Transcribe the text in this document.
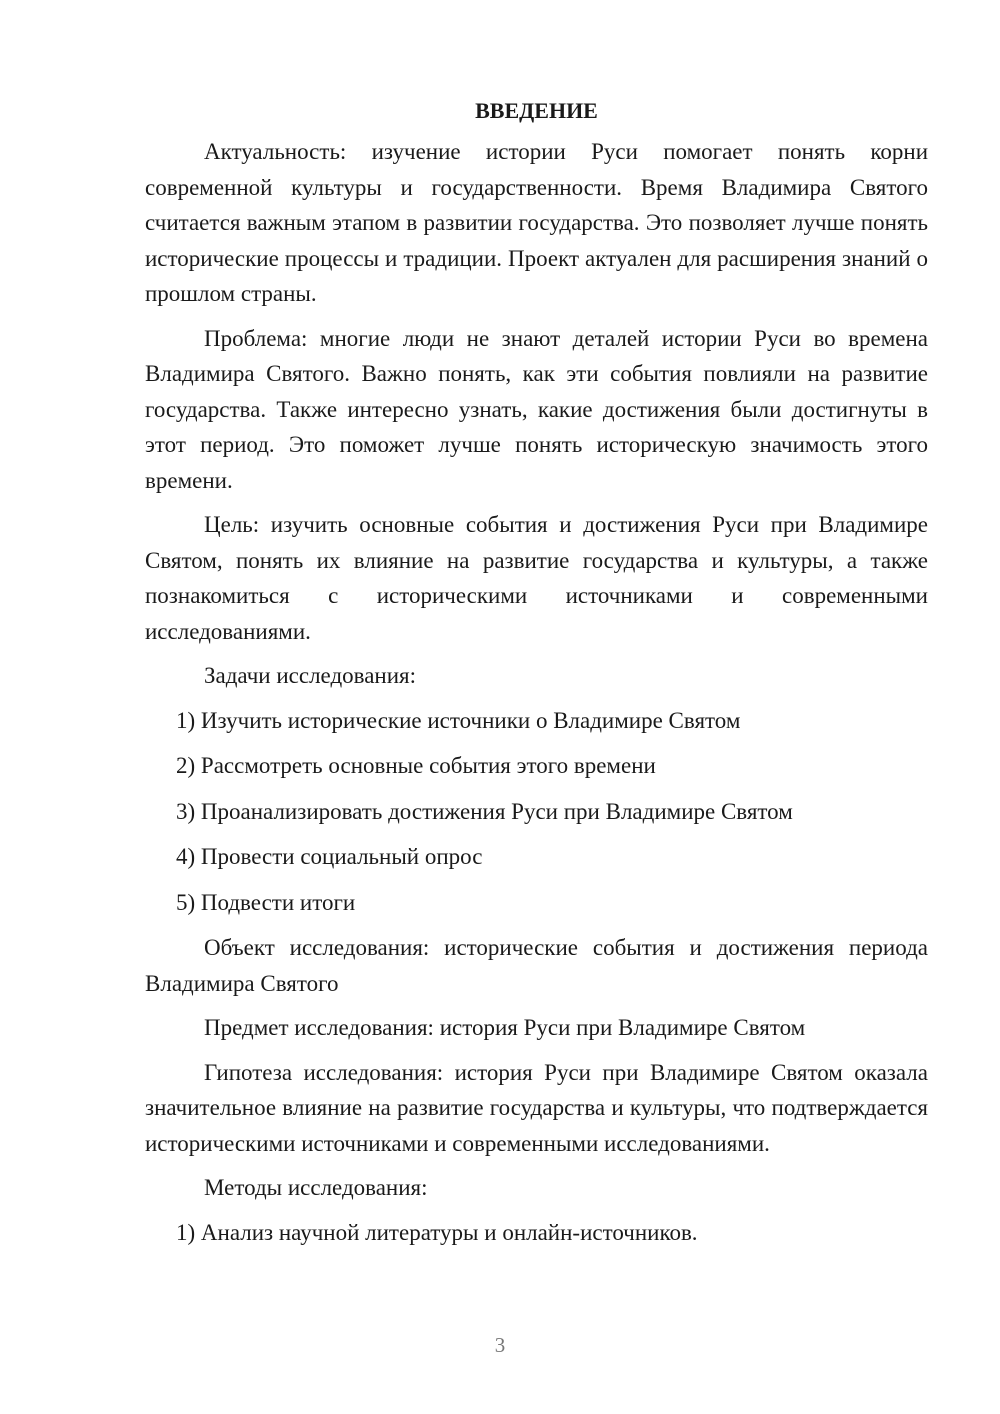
ВВЕДЕНИЕ
Актуальность: изучение истории Руси помогает понять корни современной культуры и государственности. Время Владимира Святого считается важным этапом в развитии государства. Это позволяет лучше понять исторические процессы и традиции. Проект актуален для расширения знаний о прошлом страны.
Проблема: многие люди не знают деталей истории Руси во времена Владимира Святого. Важно понять, как эти события повлияли на развитие государства. Также интересно узнать, какие достижения были достигнуты в этот период. Это поможет лучше понять историческую значимость этого времени.
Цель: изучить основные события и достижения Руси при Владимире Святом, понять их влияние на развитие государства и культуры, а также познакомиться с историческими источниками и современными исследованиями.
Задачи исследования:
1) Изучить исторические источники о Владимире Святом
2) Рассмотреть основные события этого времени
3) Проанализировать достижения Руси при Владимире Святом
4) Провести социальный опрос
5) Подвести итоги
Объект исследования: исторические события и достижения периода Владимира Святого
Предмет исследования: история Руси при Владимире Святом
Гипотеза исследования: история Руси при Владимире Святом оказала значительное влияние на развитие государства и культуры, что подтверждается историческими источниками и современными исследованиями.
Методы исследования:
1) Анализ научной литературы и онлайн-источников.
3
